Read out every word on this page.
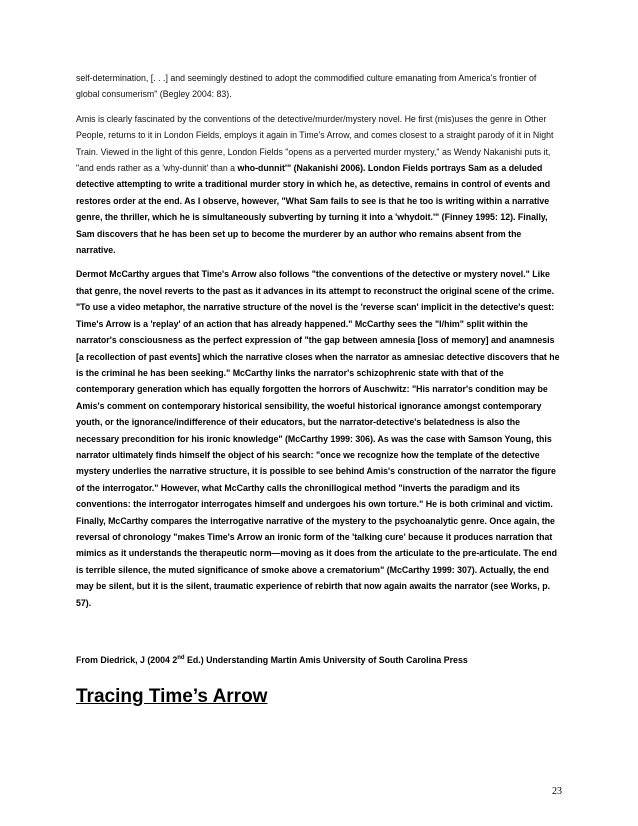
self-determination, [. . .] and seemingly destined to adopt the commodified culture emanating from America's frontier of global consumerism" (Begley 2004: 83).

Amis is clearly fascinated by the conventions of the detective/murder/mystery novel. He first (mis)uses the genre in Other People, returns to it in London Fields, employs it again in Time's Arrow, and comes closest to a straight parody of it in Night Train. Viewed in the light of this genre, London Fields "opens as a perverted murder mystery," as Wendy Nakanishi puts it, "and ends rather as a 'why-dunnit' than a who-dunnit'" (Nakanishi 2006). London Fields portrays Sam as a deluded detective attempting to write a traditional murder story in which he, as detective, remains in control of events and restores order at the end. As I observe, however, "What Sam fails to see is that he too is writing within a narrative genre, the thriller, which he is simultaneously subverting by turning it into a 'whydoit.'" (Finney 1995: 12). Finally, Sam discovers that he has been set up to become the murderer by an author who remains absent from the narrative.

Dermot McCarthy argues that Time's Arrow also follows "the conventions of the detective or mystery novel." Like that genre, the novel reverts to the past as it advances in its attempt to reconstruct the original scene of the crime. "To use a video metaphor, the narrative structure of the novel is the 'reverse scan' implicit in the detective's quest: Time's Arrow is a 'replay' of an action that has already happened." McCarthy sees the "I/him" split within the narrator's consciousness as the perfect expression of "the gap between amnesia [loss of memory] and anamnesis [a recollection of past events] which the narrative closes when the narrator as amnesiac detective discovers that he is the criminal he has been seeking." McCarthy links the narrator's schizophrenic state with that of the contemporary generation which has equally forgotten the horrors of Auschwitz: "His narrator's condition may be Amis's comment on contemporary historical sensibility, the woeful historical ignorance amongst contemporary youth, or the ignorance/indifference of their educators, but the narrator-detective's belatedness is also the necessary precondition for his ironic knowledge" (McCarthy 1999: 306). As was the case with Samson Young, this narrator ultimately finds himself the object of his search: "once we recognize how the template of the detective mystery underlies the narrative structure, it is possible to see behind Amis's construction of the narrator the figure of the interrogator." However, what McCarthy calls the chronillogical method "inverts the paradigm and its conventions: the interrogator interrogates himself and undergoes his own torture." He is both criminal and victim. Finally, McCarthy compares the interrogative narrative of the mystery to the psychoanalytic genre. Once again, the reversal of chronology "makes Time's Arrow an ironic form of the 'talking cure' because it produces narration that mimics as it understands the therapeutic norm—moving as it does from the articulate to the pre-articulate. The end is terrible silence, the muted significance of smoke above a crematorium" (McCarthy 1999: 307). Actually, the end may be silent, but it is the silent, traumatic experience of rebirth that now again awaits the narrator (see Works, p. 57).

From Diedrick, J (2004 2nd Ed.) Understanding Martin Amis University of South Carolina Press
Tracing Time’s Arrow
23
